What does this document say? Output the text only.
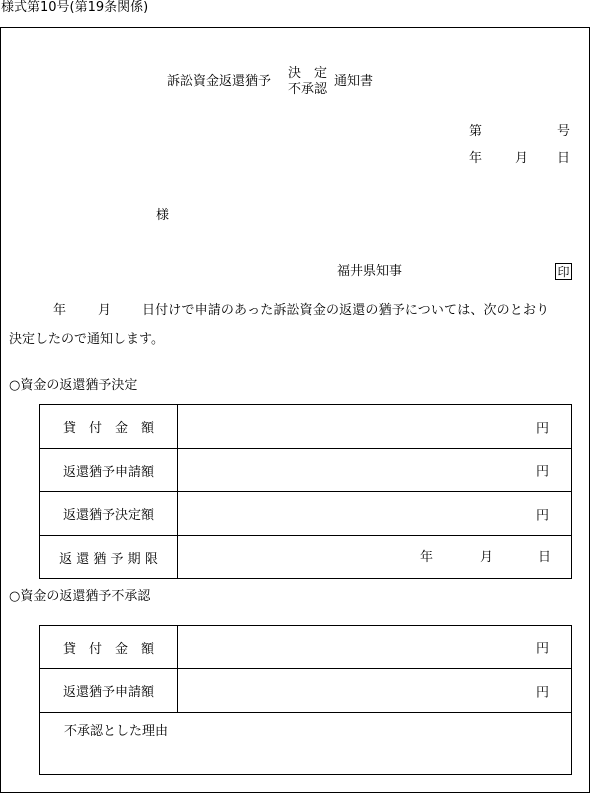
様式第10号(第19条関係)
訴訟資金返還猶予
決　定
不承認
通知書
第	号
年	月 日
様
福井県知事	印
年 月 日付けで申請のあった訴訟資金の返還の猶予については、次のとおり
決定したので通知します。
○資金の返還猶予決定
貸　付　金　額	円

返還猶予申請額	円

返還猶予決定額	円

返 還 猶 予 期 限	年 月 日
○資金の返還猶予不承認
貸　付　金　額	円

返還猶予申請額	円

不承認とした理由	
